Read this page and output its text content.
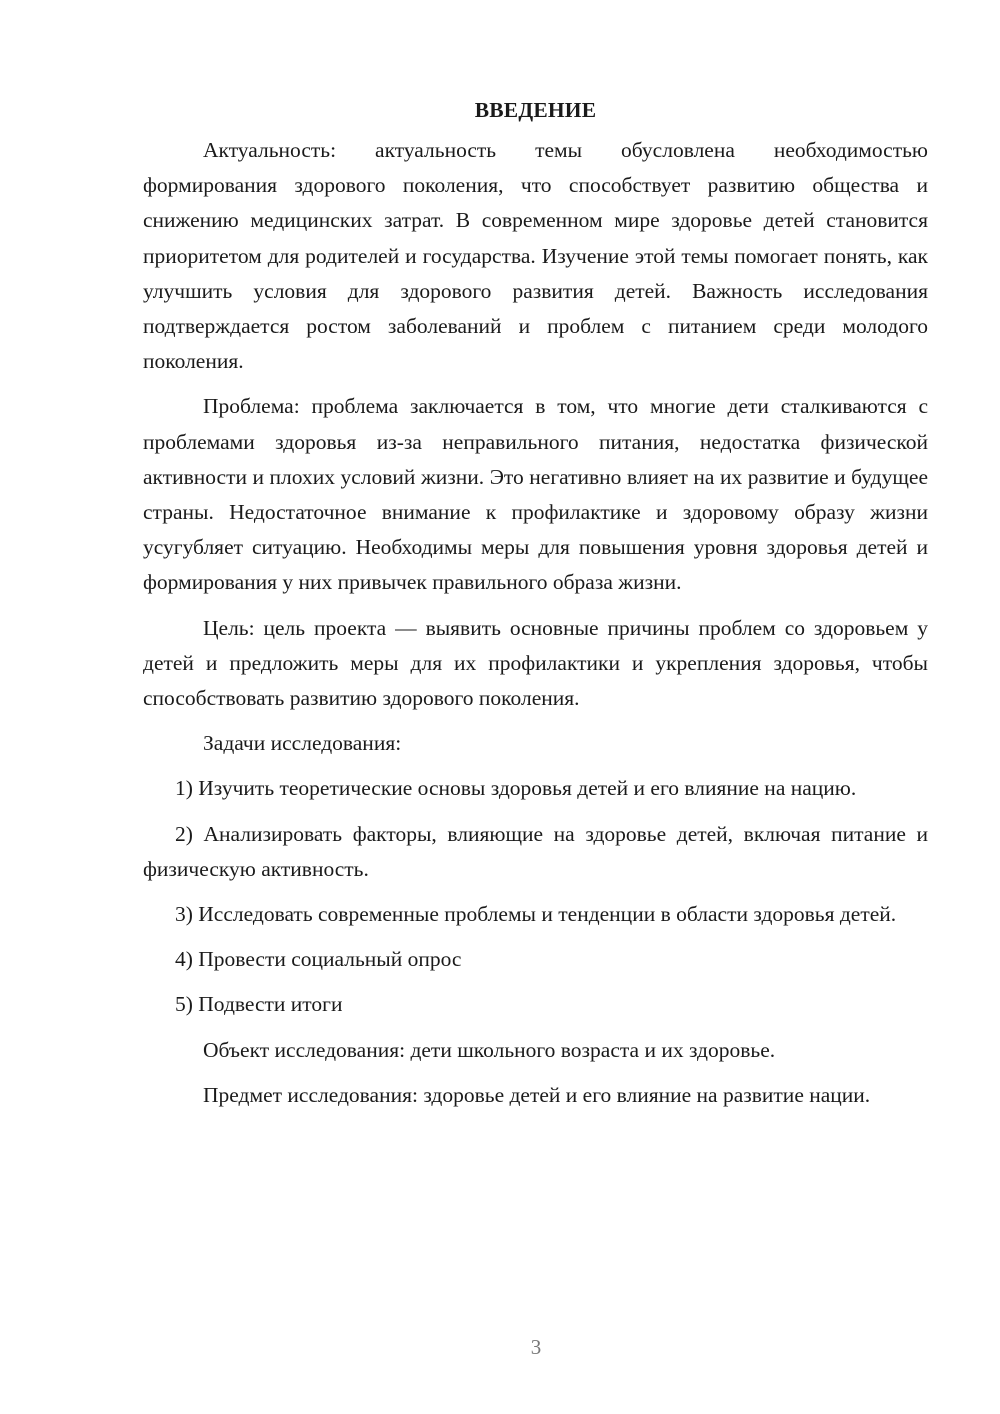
ВВЕДЕНИЕ

Актуальность: актуальность темы обусловлена необходимостью формирования здорового поколения, что способствует развитию общества и снижению медицинских затрат. В современном мире здоровье детей становится приоритетом для родителей и государства. Изучение этой темы помогает понять, как улучшить условия для здорового развития детей. Важность исследования подтверждается ростом заболеваний и проблем с питанием среди молодого поколения.

Проблема: проблема заключается в том, что многие дети сталкиваются с проблемами здоровья из-за неправильного питания, недостатка физической активности и плохих условий жизни. Это негативно влияет на их развитие и будущее страны. Недостаточное внимание к профилактике и здоровому образу жизни усугубляет ситуацию. Необходимы меры для повышения уровня здоровья детей и формирования у них привычек правильного образа жизни.

Цель: цель проекта — выявить основные причины проблем со здоровьем у детей и предложить меры для их профилактики и укрепления здоровья, чтобы способствовать развитию здорового поколения.

Задачи исследования:

1) Изучить теоретические основы здоровья детей и его влияние на нацию.

2) Анализировать факторы, влияющие на здоровье детей, включая питание и физическую активность.

3) Исследовать современные проблемы и тенденции в области здоровья детей.

4) Провести социальный опрос

5) Подвести итоги

Объект исследования: дети школьного возраста и их здоровье.

Предмет исследования: здоровье детей и его влияние на развитие нации.

3
